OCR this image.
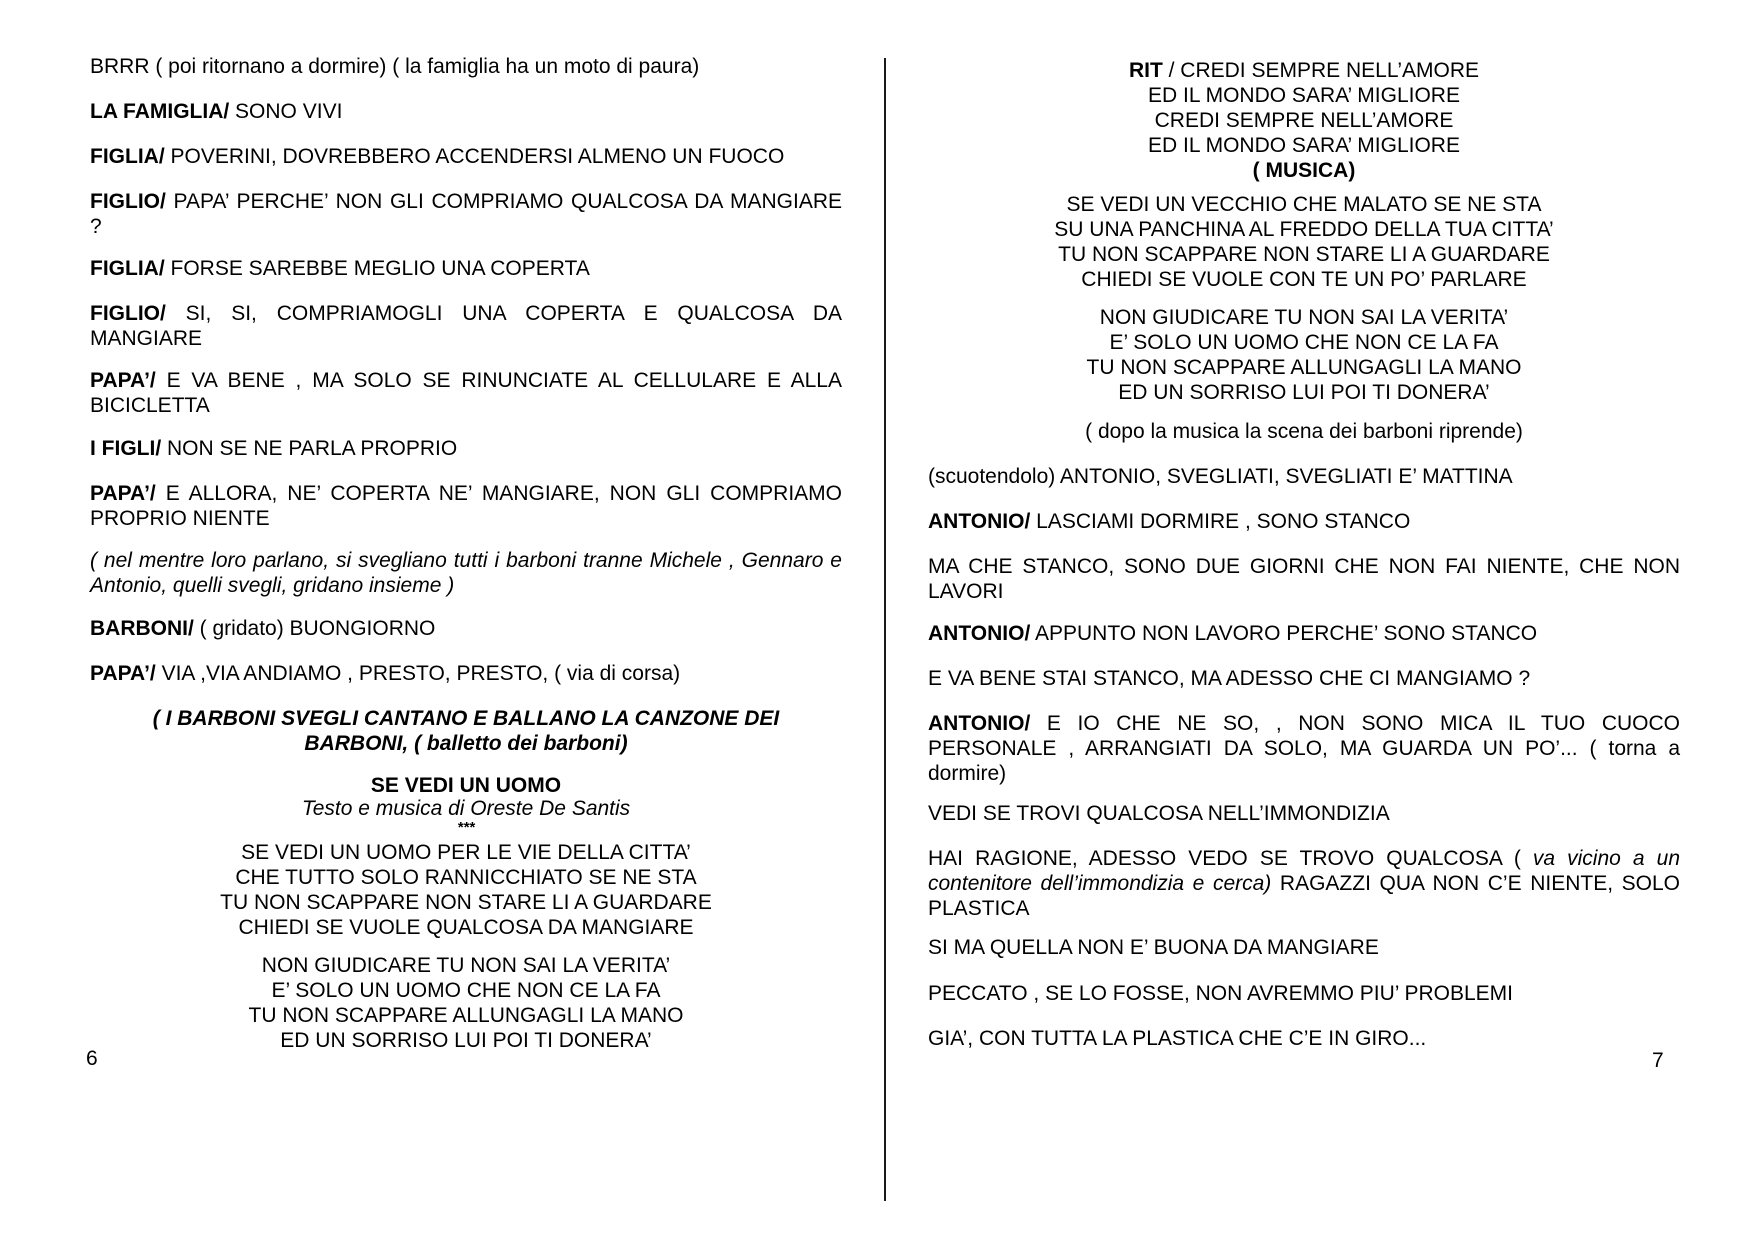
BRRR ( poi ritornano a dormire) ( la famiglia ha un moto di paura)

LA FAMIGLIA/ SONO VIVI

FIGLIA/ POVERINI, DOVREBBERO ACCENDERSI ALMENO UN FUOCO

FIGLIO/ PAPA’ PERCHE’ NON GLI COMPRIAMO QUALCOSA DA MANGIARE ?

FIGLIA/ FORSE SAREBBE MEGLIO UNA COPERTA

FIGLIO/ SI, SI, COMPRIAMOGLI UNA COPERTA E QUALCOSA DA MANGIARE

PAPA’/ E VA BENE , MA SOLO SE RINUNCIATE AL CELLULARE E ALLA BICICLETTA

I FIGLI/ NON SE NE PARLA PROPRIO

PAPA’/ E ALLORA, NE’ COPERTA NE’ MANGIARE, NON GLI COMPRIAMO PROPRIO NIENTE

( nel mentre loro parlano, si svegliano tutti i barboni tranne Michele , Gennaro e Antonio, quelli svegli, gridano insieme )

BARBONI/ ( gridato) BUONGIORNO

PAPA’/ VIA ,VIA ANDIAMO , PRESTO, PRESTO, ( via di corsa)

( I BARBONI SVEGLI CANTANO E BALLANO LA CANZONE DEI BARBONI, ( balletto dei barboni)

SE VEDI UN UOMO

Testo e musica di Oreste De Santis

***

SE VEDI UN UOMO PER LE VIE DELLA CITTA’
CHE TUTTO SOLO RANNICCHIATO SE NE STA
TU NON SCAPPARE NON STARE LI A GUARDARE
CHIEDI SE VUOLE QUALCOSA DA MANGIARE
NON GIUDICARE TU NON SAI LA VERITA’
E’ SOLO UN UOMO CHE NON CE LA FA
TU NON SCAPPARE ALLUNGAGLI LA MANO
ED UN SORRISO LUI POI TI DONERA’
6
RIT / CREDI SEMPRE NELL’AMORE
ED IL MONDO SARA’ MIGLIORE
CREDI SEMPRE NELL’AMORE
ED IL MONDO SARA’ MIGLIORE
( MUSICA)
SE VEDI UN VECCHIO CHE MALATO SE NE STA
SU UNA PANCHINA AL FREDDO DELLA TUA CITTA’
TU NON SCAPPARE NON STARE LI A GUARDARE
CHIEDI SE VUOLE CON TE UN PO’ PARLARE
NON GIUDICARE TU NON SAI LA VERITA’
E’ SOLO UN UOMO CHE NON CE LA FA
TU NON SCAPPARE ALLUNGAGLI LA MANO
ED UN SORRISO LUI POI TI DONERA’

( dopo la musica la scena dei barboni riprende)

(scuotendolo) ANTONIO, SVEGLIATI, SVEGLIATI E’ MATTINA

ANTONIO/ LASCIAMI DORMIRE , SONO STANCO

MA CHE STANCO, SONO DUE GIORNI CHE NON FAI NIENTE, CHE NON LAVORI

ANTONIO/ APPUNTO NON LAVORO PERCHE’ SONO STANCO

E VA BENE STAI STANCO, MA ADESSO CHE CI MANGIAMO ?

ANTONIO/ E IO CHE NE SO, , NON SONO MICA IL TUO CUOCO PERSONALE , ARRANGIATI DA SOLO, MA GUARDA UN PO’... ( torna a dormire)

VEDI SE TROVI QUALCOSA NELL’IMMONDIZIA

HAI RAGIONE, ADESSO VEDO SE TROVO QUALCOSA ( va vicino a un contenitore dell’immondizia e cerca) RAGAZZI QUA NON C’E NIENTE, SOLO PLASTICA

SI MA QUELLA NON E’ BUONA DA MANGIARE

PECCATO , SE LO FOSSE, NON AVREMMO PIU’ PROBLEMI

GIA’, CON TUTTA LA PLASTICA CHE C’E IN GIRO...

7
